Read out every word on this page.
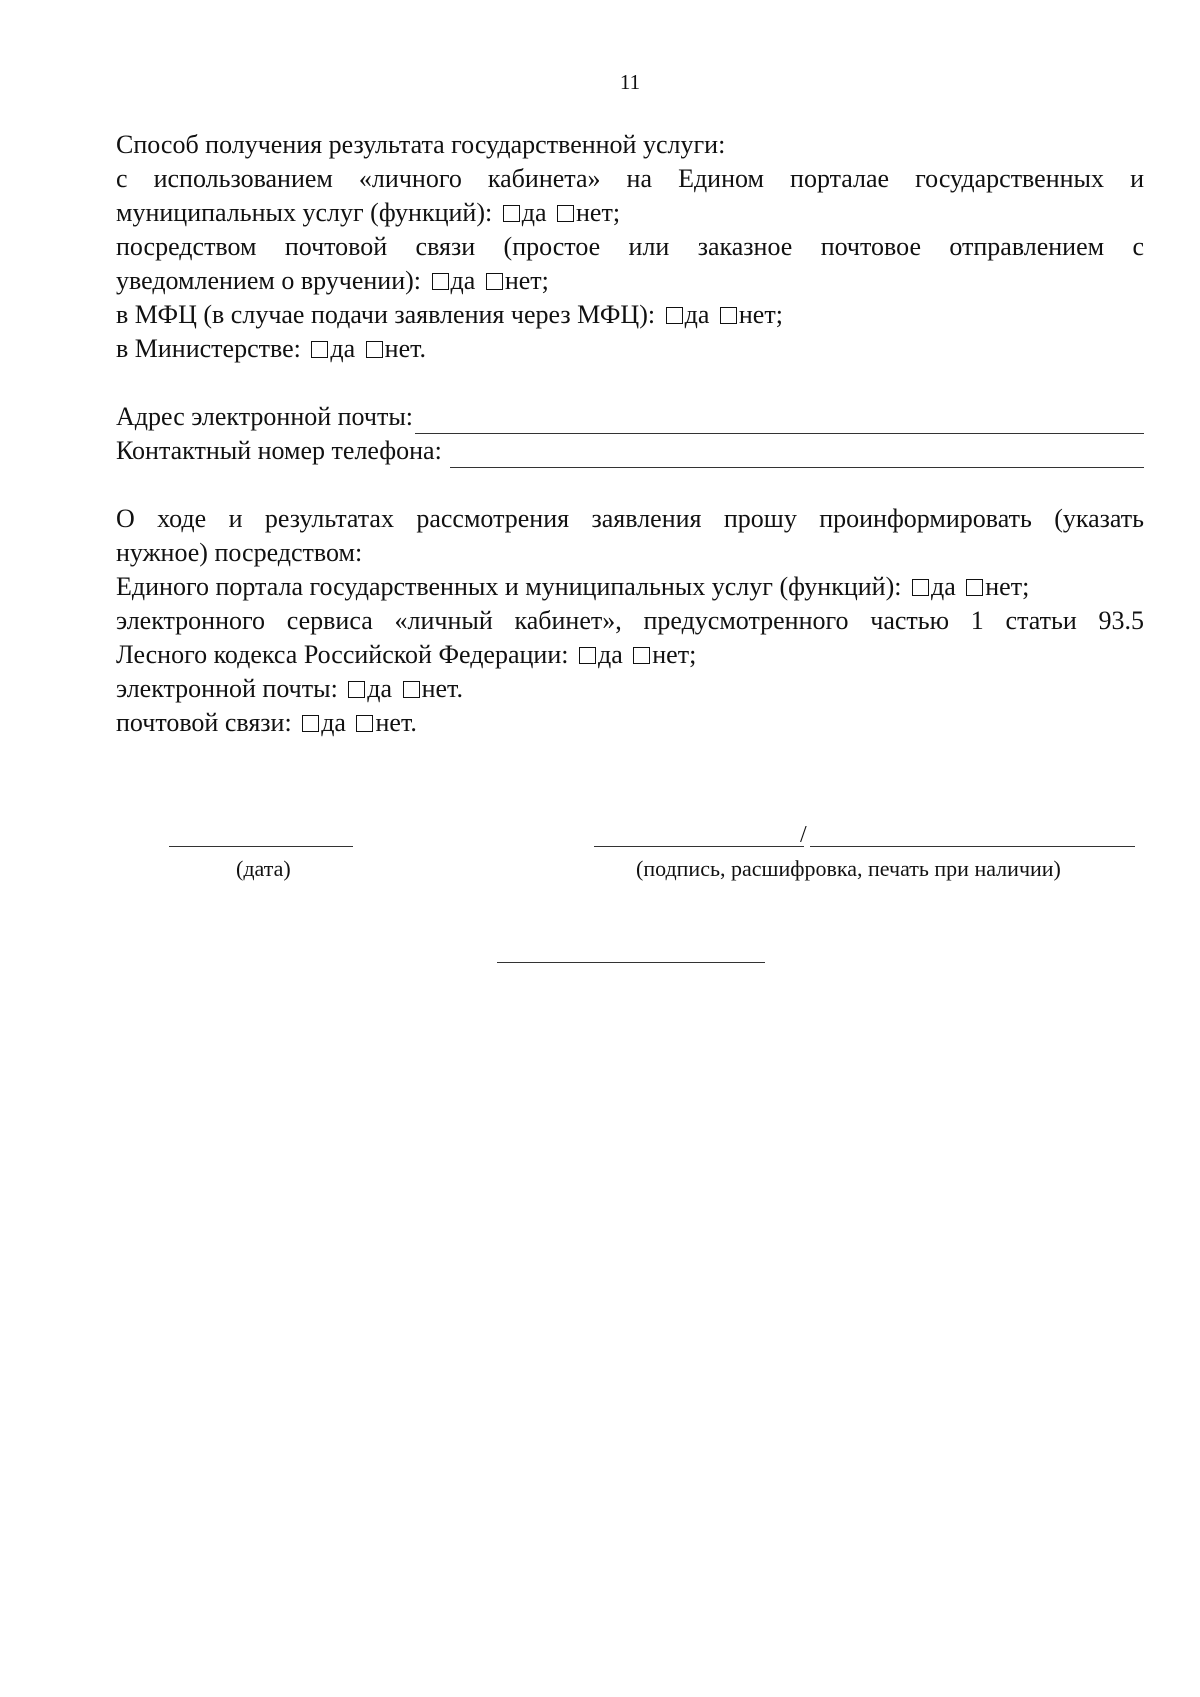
11
Способ получения результата государственной услуги:
с использованием «личного кабинета» на Едином порталае государственных и
муниципальных услуг (функций): да нет;
посредством почтовой связи (простое или заказное почтовое отправлением с
уведомлением о вручении): да нет;
в МФЦ (в случае подачи заявления через МФЦ): да нет;
в Министерстве: да нет.
Адрес электронной почты:
Контактный номер телефона:
О ходе и результатах рассмотрения заявления прошу проинформировать (указать
нужное) посредством:
Единого портала государственных и муниципальных услуг (функций): да нет;
электронного сервиса «личный кабинет», предусмотренного частью 1 статьи 93.5
Лесного кодекса Российской Федерации: да нет;
электронной почты: да нет.
почтовой связи: да нет.
(дата)
/
(подпись, расшифровка, печать при наличии)
